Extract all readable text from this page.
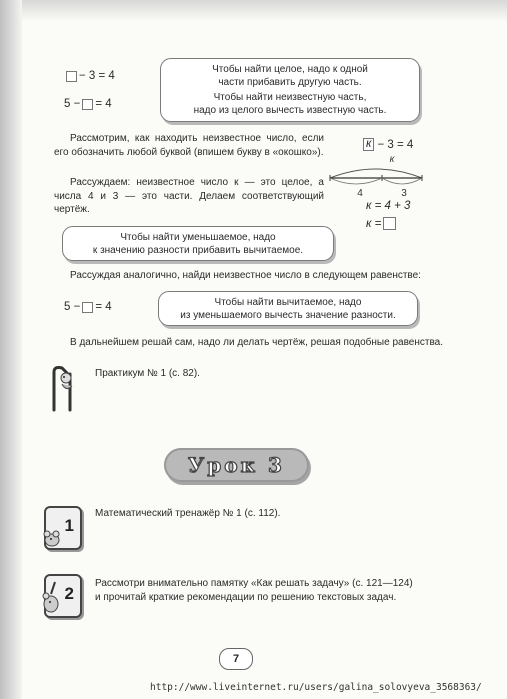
− 3 = 4
5 − = 4
Чтобы найти целое, надо к одной
части прибавить другую часть.
Чтобы найти неизвестную часть,
надо из целого вычесть известную часть.
Рассмотрим, как находить неизвестное число, если его обозначить любой буквой (впишем букву в «окошко»).
Рассуждаем: неизвестное число к — это целое, а числа 4 и 3 — это части. Делаем соответствующий чертёж.
к − 3 = 4
к
4	3
к = 4 + 3
к =
Чтобы найти уменьшаемое, надо
к значению разности прибавить вычитаемое.
Рассуждая аналогично, найди неизвестное число в следующем равенстве:
5 − = 4	Чтобы найти вычитаемое, надо
из уменьшаемого вычесть значение разности.
В дальнейшем решай сам, надо ли делать чертёж, решая подобные равенства.
Практикум № 1 (с. 82).
Урок 3
1
Математический тренажёр № 1 (с. 112).
2
Рассмотри внимательно памятку «Как решать задачу» (с. 121—124)
и прочитай краткие рекомендации по решению текстовых задач.
7
http://www.liveinternet.ru/users/galina_solovyeva_3568363/
